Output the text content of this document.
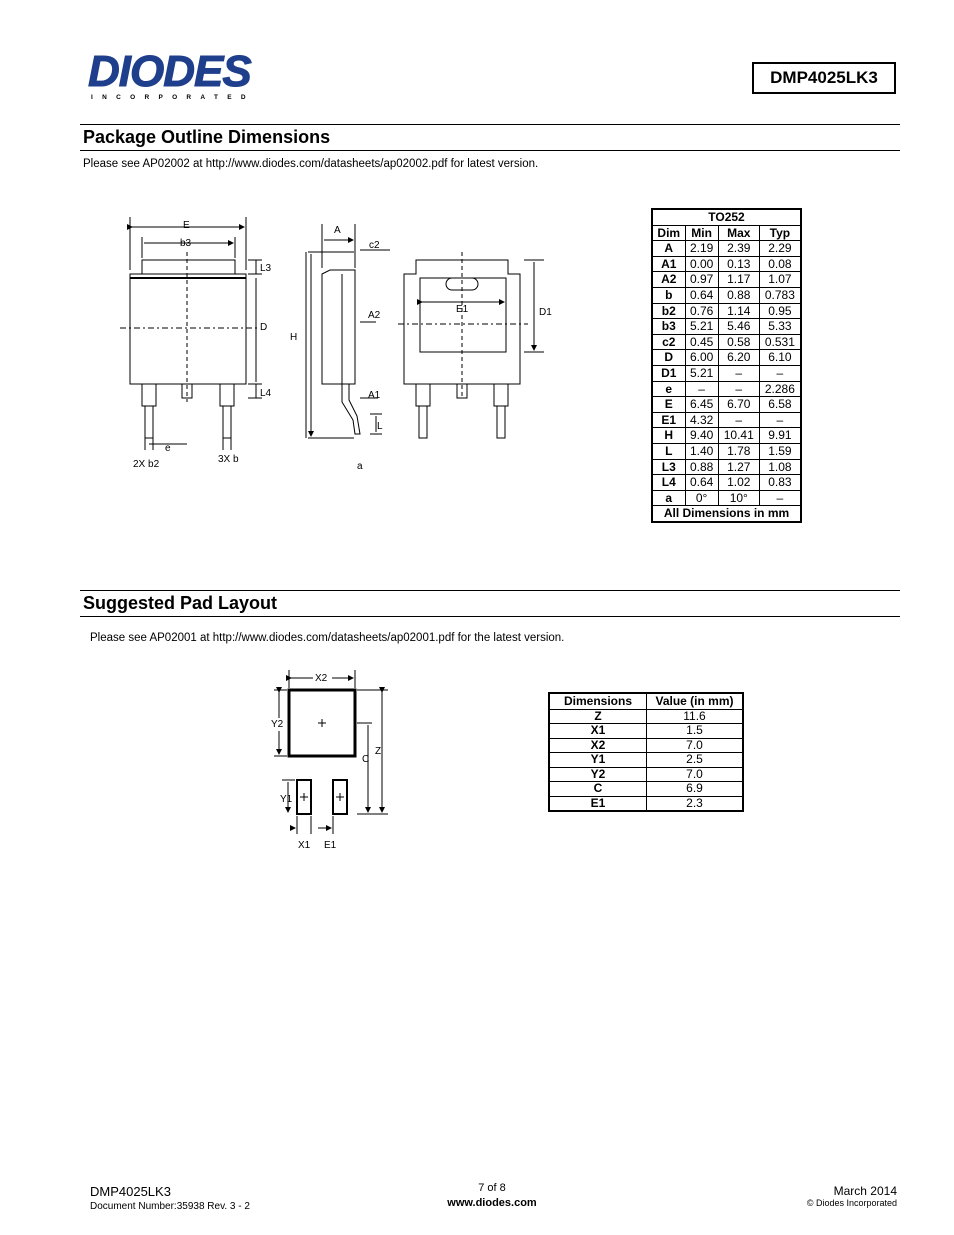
DIODES
INCORPORATED
DMP4025LK3
Package Outline Dimensions
Please see AP02002 at http://www.diodes.com/datasheets/ap02002.pdf for latest version.
E
b3
L3
D
L4
e
2X b2	3X b
A
c2
A2
H
A1
L
a
E1	D1
TO252			
Dim	Min	Max	Typ
A	2.19	2.39	2.29
A1	0.00	0.13	0.08
A2	0.97	1.17	1.07
b	0.64	0.88	0.783
b2	0.76	1.14	0.95
b3	5.21	5.46	5.33
c2	0.45	0.58	0.531
D	6.00	6.20	6.10
D1	5.21	–	–
e	–	–	2.286
E	6.45	6.70	6.58
E1	4.32	–	–
H	9.40	10.41	9.91
L	1.40	1.78	1.59
L3	0.88	1.27	1.08
L4	0.64	1.02	0.83
a	0°	10°	–
All Dimensions in mm			
Suggested Pad Layout
Please see AP02001 at http://www.diodes.com/datasheets/ap02001.pdf for the latest version.
X2
Y2
Z
C
Y1
X1 E1
Dimensions	Value (in mm)
Z	11.6
X1	1.5
X2	7.0
Y1	2.5
Y2	7.0
C	6.9
E1	2.3
DMP4025LK3
Document Number:35938 Rev. 3 - 2
7 of 8
www.diodes.com
March 2014
© Diodes Incorporated
